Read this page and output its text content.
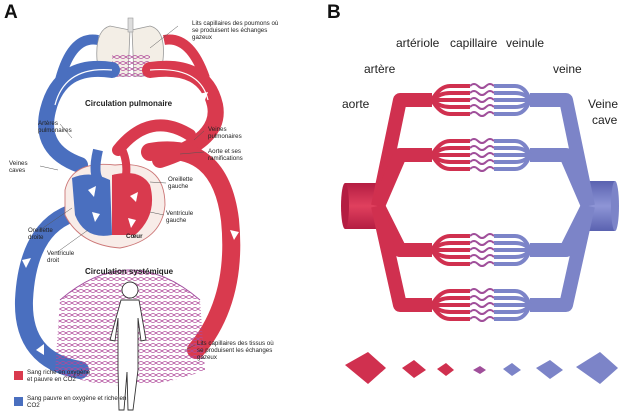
A	B
Lits capillaires des poumons où se produisent les échanges gazeux
Circulation pulmonaire
Artères pulmonaires	Veines pulmonaires
Aorte et ses ramifications
Veines caves
Oreillette gauche
Ventricule gauche
Cœur
Oreillette droite
Ventricule droit
Circulation systémique
Lits capillaires des tissus où se produisent les échanges gazeux
Sang riche en oxygène et pauvre en CO2
Sang pauvre en oxygène et riche en CO2
aorte
artère
artériole capillaire veinule
veine
Veine
cave
